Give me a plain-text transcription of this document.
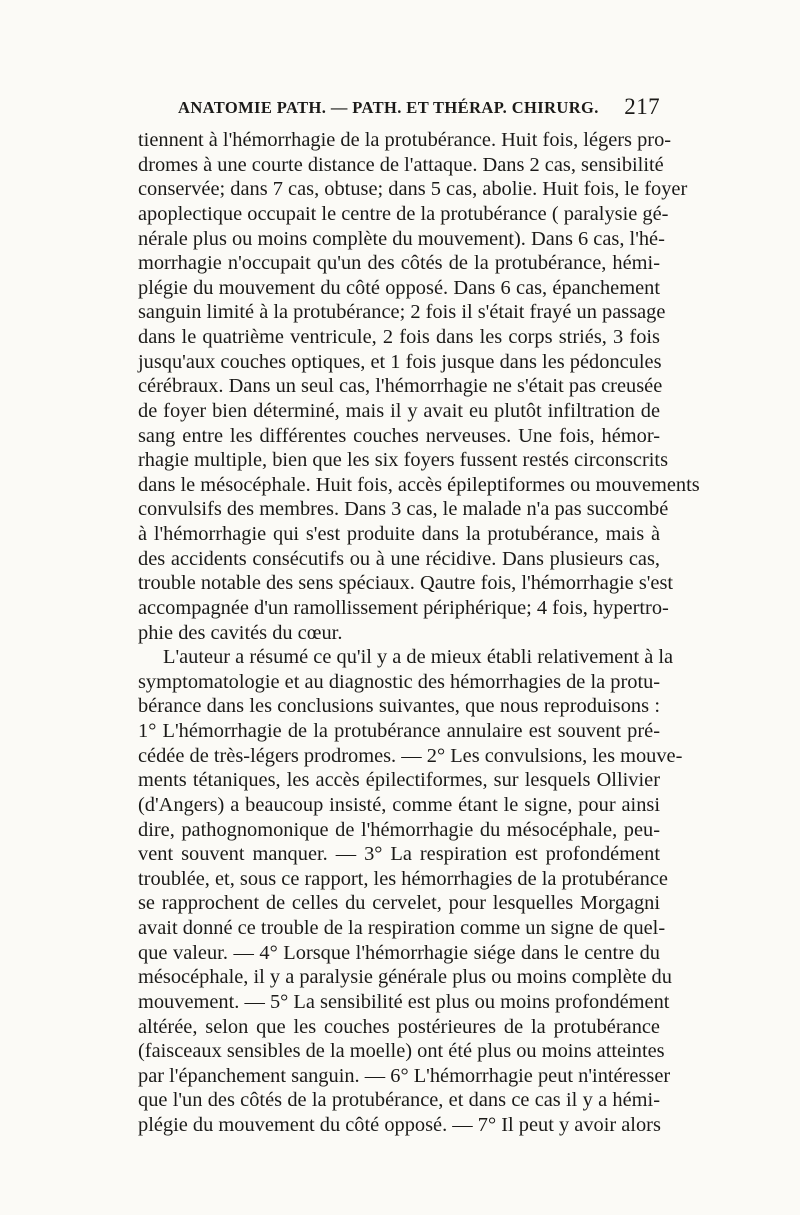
ANATOMIE PATH. — PATH. ET THÉRAP. CHIRURG. 217
tiennent à l'hémorrhagie de la protubérance. Huit fois, légers pro-
dromes à une courte distance de l'attaque. Dans 2 cas, sensibilité
conservée; dans 7 cas, obtuse; dans 5 cas, abolie. Huit fois, le foyer
apoplectique occupait le centre de la protubérance ( paralysie gé-
nérale plus ou moins complète du mouvement). Dans 6 cas, l'hé-
morrhagie n'occupait qu'un des côtés de la protubérance, hémi-
plégie du mouvement du côté opposé. Dans 6 cas, épanchement
sanguin limité à la protubérance; 2 fois il s'était frayé un passage
dans le quatrième ventricule, 2 fois dans les corps striés, 3 fois
jusqu'aux couches optiques, et 1 fois jusque dans les pédoncules
cérébraux. Dans un seul cas, l'hémorrhagie ne s'était pas creusée
de foyer bien déterminé, mais il y avait eu plutôt infiltration de
sang entre les différentes couches nerveuses. Une fois, hémor-
rhagie multiple, bien que les six foyers fussent restés circonscrits
dans le mésocéphale. Huit fois, accès épileptiformes ou mouvements
convulsifs des membres. Dans 3 cas, le malade n'a pas succombé
à l'hémorrhagie qui s'est produite dans la protubérance, mais à
des accidents consécutifs ou à une récidive. Dans plusieurs cas,
trouble notable des sens spéciaux. Qautre fois, l'hémorrhagie s'est
accompagnée d'un ramollissement périphérique; 4 fois, hypertro-
phie des cavités du cœur.
L'auteur a résumé ce qu'il y a de mieux établi relativement à la
symptomatologie et au diagnostic des hémorrhagies de la protu-
bérance dans les conclusions suivantes, que nous reproduisons :
1° L'hémorrhagie de la protubérance annulaire est souvent pré-
cédée de très-légers prodromes. — 2° Les convulsions, les mouve-
ments tétaniques, les accès épilectiformes, sur lesquels Ollivier
(d'Angers) a beaucoup insisté, comme étant le signe, pour ainsi
dire, pathognomonique de l'hémorrhagie du mésocéphale, peu-
vent souvent manquer. — 3° La respiration est profondément
troublée, et, sous ce rapport, les hémorrhagies de la protubérance
se rapprochent de celles du cervelet, pour lesquelles Morgagni
avait donné ce trouble de la respiration comme un signe de quel-
que valeur. — 4° Lorsque l'hémorrhagie siége dans le centre du
mésocéphale, il y a paralysie générale plus ou moins complète du
mouvement. — 5° La sensibilité est plus ou moins profondément
altérée, selon que les couches postérieures de la protubérance
(faisceaux sensibles de la moelle) ont été plus ou moins atteintes
par l'épanchement sanguin. — 6° L'hémorrhagie peut n'intéresser
que l'un des côtés de la protubérance, et dans ce cas il y a hémi-
plégie du mouvement du côté opposé. — 7° Il peut y avoir alors
